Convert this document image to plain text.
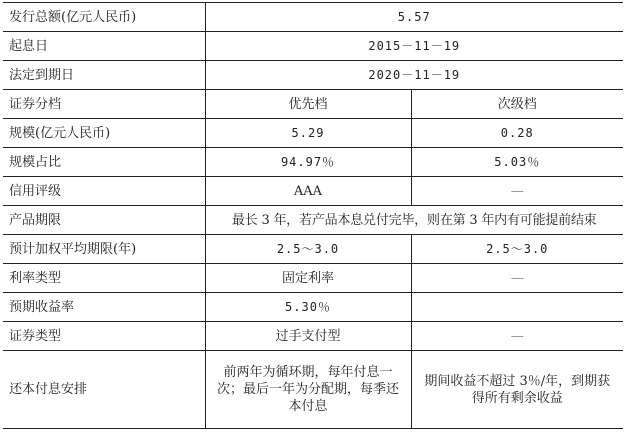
发行总额(亿元人民币)	5.57	
起息日	2015－11－19	
法定到期日	2020－11－19	
证券分档	优先档	次级档
规模(亿元人民币)	5.29	0.28
规模占比	94.97％	5.03％
信用评级	AAA	—
产品期限	最长 3 年，若产品本息兑付完毕，则在第 3 年内有可能提前结束	
预计加权平均期限(年)	2.5～3.0	2.5～3.0
利率类型	固定利率	—
预期收益率	5.30％	
证券类型	过手支付型	—
还本付息安排	前两年为循环期，每年付息一次；最后一年为分配期，每季还本付息	期间收益不超过 3％/年，到期获得所有剩余收益
